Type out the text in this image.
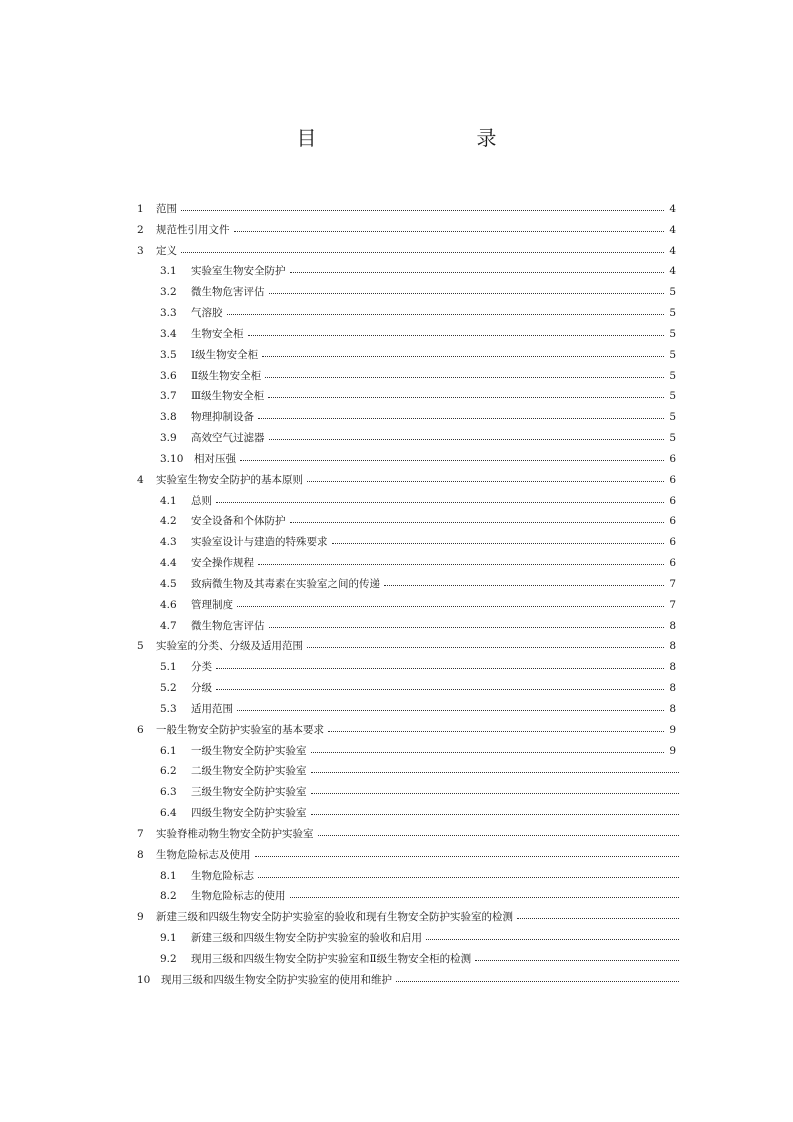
目　　录
1	范围	4
2	规范性引用文件	4
3	定义	4
3.1	实验室生物安全防护	4
3.2	微生物危害评估	5
3.3	气溶胶	5
3.4	生物安全柜	5
3.5	Ⅰ级生物安全柜	5
3.6	Ⅱ级生物安全柜	5
3.7	Ⅲ级生物安全柜	5
3.8	物理抑制设备	5
3.9	高效空气过滤器	5
3.10	相对压强	6
4	实验室生物安全防护的基本原则	6
4.1	总则	6
4.2	安全设备和个体防护	6
4.3	实验室设计与建造的特殊要求	6
4.4	安全操作规程	6
4.5	致病微生物及其毒素在实验室之间的传递	7
4.6	管理制度	7
4.7	微生物危害评估	8
5	实验室的分类、分级及适用范围	8
5.1	分类	8
5.2	分级	8
5.3	适用范围	8
6	一般生物安全防护实验室的基本要求	9
6.1	一级生物安全防护实验室	9
6.2	二级生物安全防护实验室
6.3	三级生物安全防护实验室
6.4	四级生物安全防护实验室
7	实验脊椎动物生物安全防护实验室
8	生物危险标志及使用
8.1	生物危险标志
8.2	生物危险标志的使用
9	新建三级和四级生物安全防护实验室的验收和现有生物安全防护实验室的检测
9.1	新建三级和四级生物安全防护实验室的验收和启用
9.2	现用三级和四级生物安全防护实验室和Ⅱ级生物安全柜的检测
10	现用三级和四级生物安全防护实验室的使用和维护
